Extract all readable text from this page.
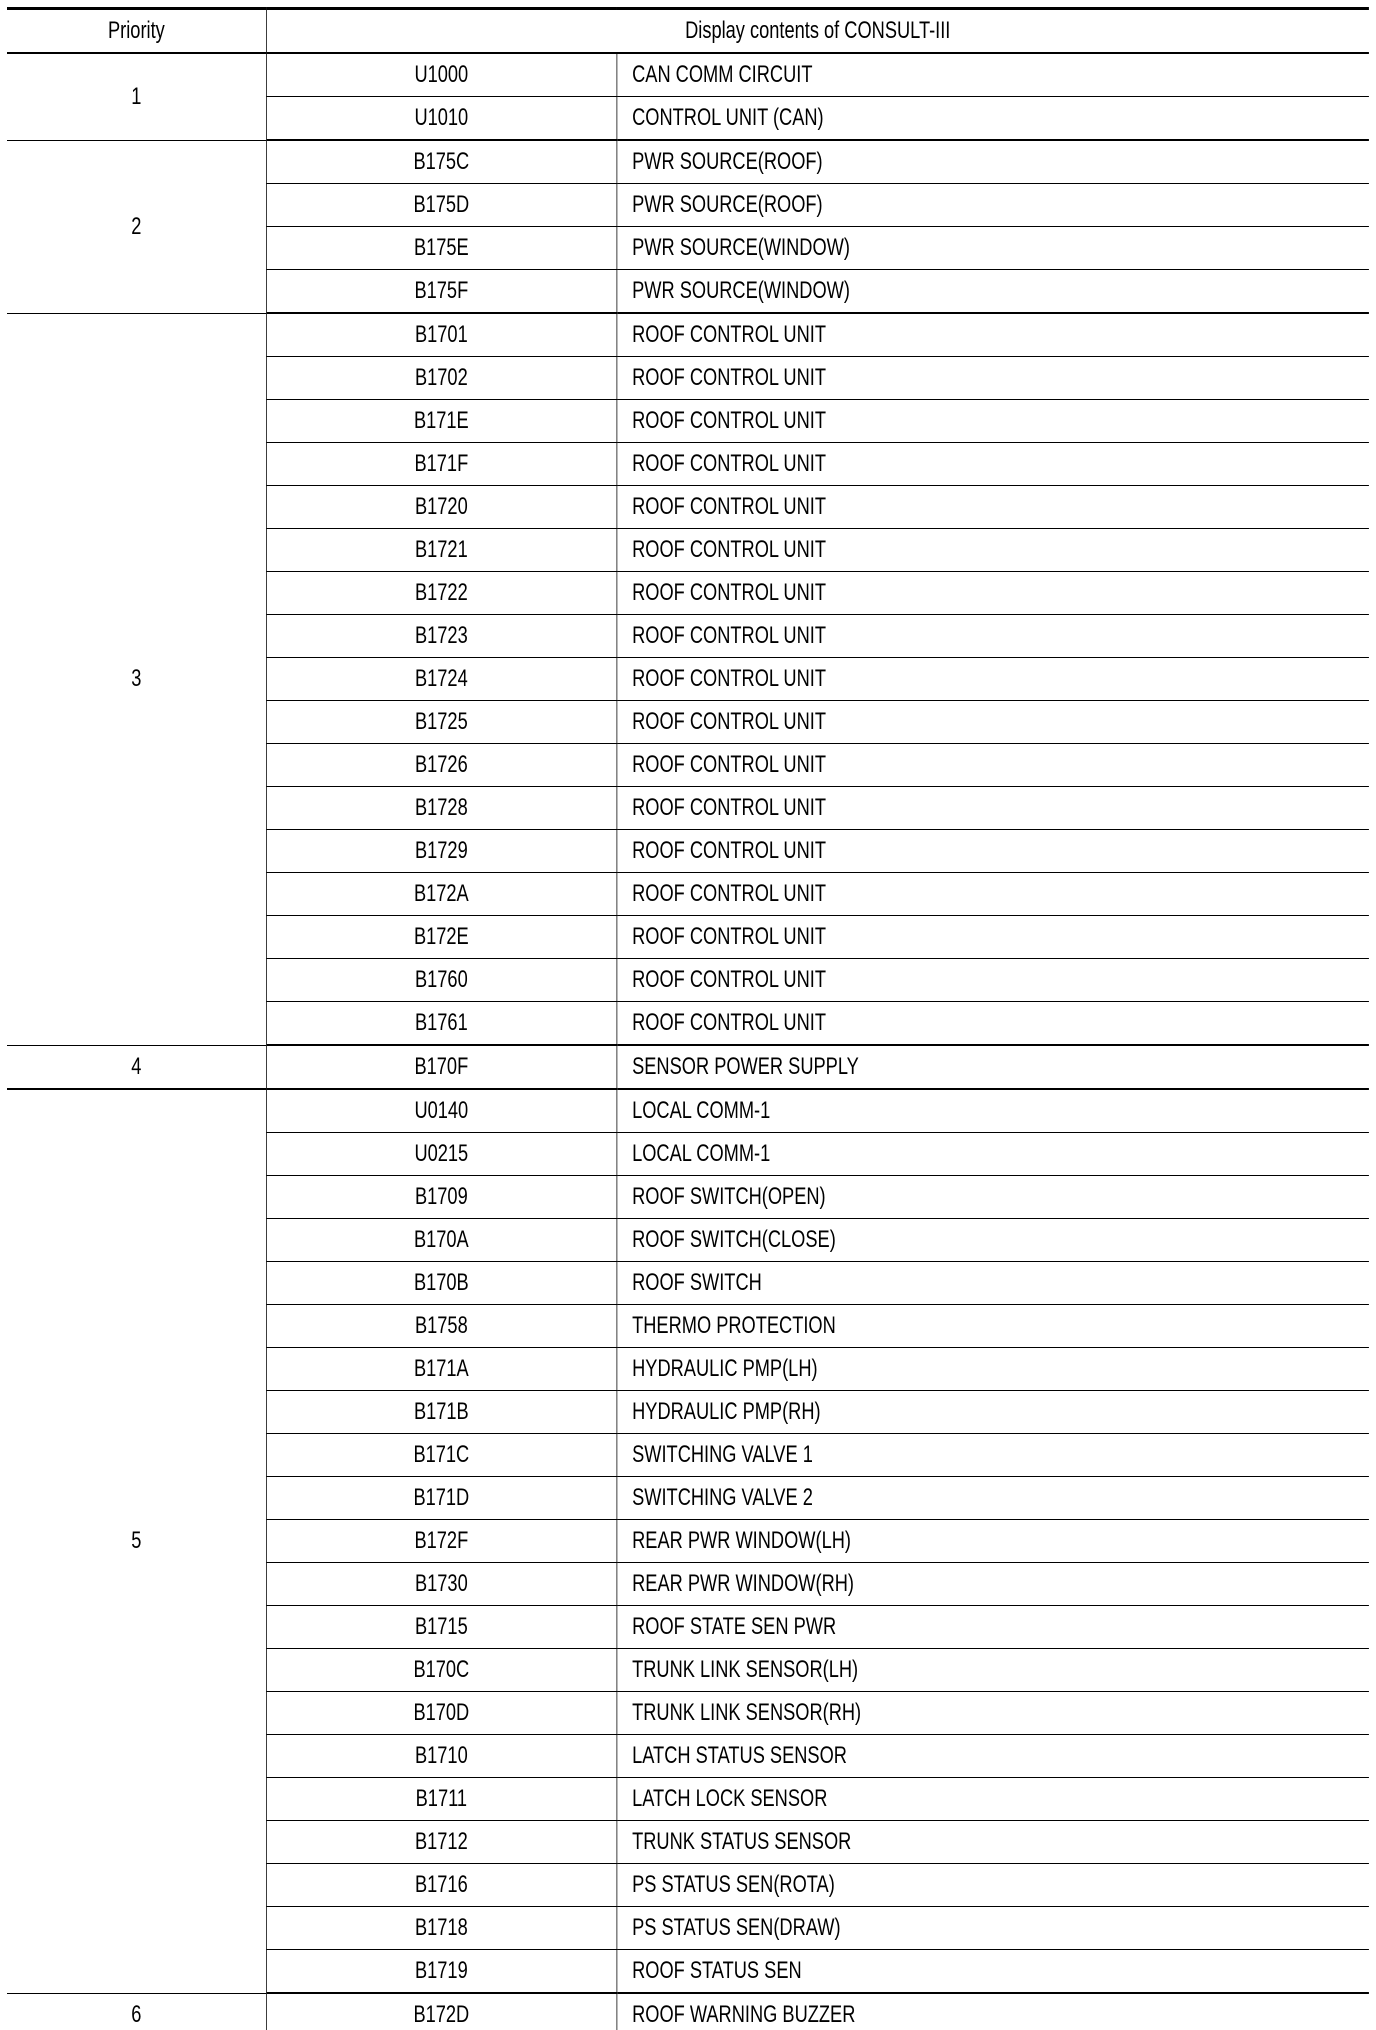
Priority	Display contents of CONSULT-III	
1	U1000	CAN COMM CIRCUIT
	U1010	CONTROL UNIT (CAN)
2	B175C	PWR SOURCE(ROOF)
	B175D	PWR SOURCE(ROOF)
	B175E	PWR SOURCE(WINDOW)
	B175F	PWR SOURCE(WINDOW)
3	B1701	ROOF CONTROL UNIT
	B1702	ROOF CONTROL UNIT
	B171E	ROOF CONTROL UNIT
	B171F	ROOF CONTROL UNIT
	B1720	ROOF CONTROL UNIT
	B1721	ROOF CONTROL UNIT
	B1722	ROOF CONTROL UNIT
	B1723	ROOF CONTROL UNIT
	B1724	ROOF CONTROL UNIT
	B1725	ROOF CONTROL UNIT
	B1726	ROOF CONTROL UNIT
	B1728	ROOF CONTROL UNIT
	B1729	ROOF CONTROL UNIT
	B172A	ROOF CONTROL UNIT
	B172E	ROOF CONTROL UNIT
	B1760	ROOF CONTROL UNIT
	B1761	ROOF CONTROL UNIT
4	B170F	SENSOR POWER SUPPLY
5	U0140	LOCAL COMM-1
	U0215	LOCAL COMM-1
	B1709	ROOF SWITCH(OPEN)
	B170A	ROOF SWITCH(CLOSE)
	B170B	ROOF SWITCH
	B1758	THERMO PROTECTION
	B171A	HYDRAULIC PMP(LH)
	B171B	HYDRAULIC PMP(RH)
	B171C	SWITCHING VALVE 1
	B171D	SWITCHING VALVE 2
	B172F	REAR PWR WINDOW(LH)
	B1730	REAR PWR WINDOW(RH)
	B1715	ROOF STATE SEN PWR
	B170C	TRUNK LINK SENSOR(LH)
	B170D	TRUNK LINK SENSOR(RH)
	B1710	LATCH STATUS SENSOR
	B1711	LATCH LOCK SENSOR
	B1712	TRUNK STATUS SENSOR
	B1716	PS STATUS SEN(ROTA)
	B1718	PS STATUS SEN(DRAW)
	B1719	ROOF STATUS SEN
6	B172D	ROOF WARNING BUZZER
